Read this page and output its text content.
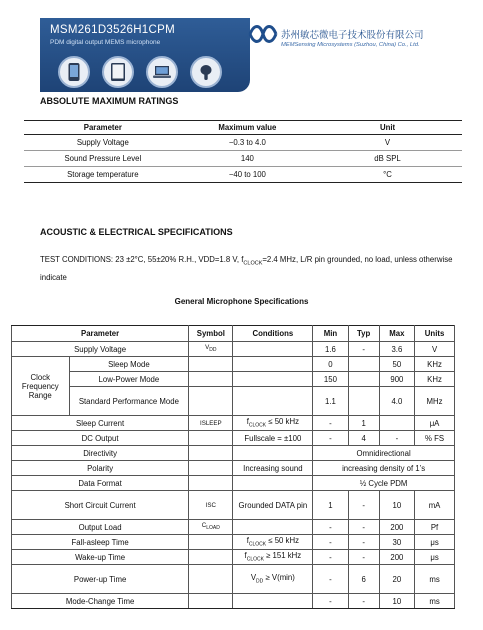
MSM261D3526H1CPM
PDM digital output MEMS microphone
苏州敏芯微电子技术股份有限公司
MEMSensing Microsystems (Suzhou, China) Co., Ltd.
ABSOLUTE MAXIMUM RATINGS
Parameter	Maximum value	Unit
Supply Voltage	−0.3 to 4.0	V
Sound Pressure Level	140	dB SPL
Storage temperature	−40 to 100	°C
ACOUSTIC & ELECTRICAL SPECIFICATIONS
TEST CONDITIONS: 23 ±2°C, 55±20% R.H., VDD=1.8 V, $f_{CLOCK}=2.4$ MHz, L/R pin grounded, no load, unless otherwise indicate
General Microphone Specifications
Parameter		Symbol	Conditions	Min	Typ	Max	Units
Supply Voltage		$V_{DD}$		1.6	-	3.6	V
Clock Frequency Range	Sleep Mode			0		50	KHz
	Low-Power Mode			150		900	KHz
	Standard Performance Mode			1.1		4.0	MHz
Sleep Current		ISLEEP	$f_{CLOCK} \le 50$ kHz	-	1		μA
DC Output			Fullscale = ±100	-	4	-	% FS
Directivity				Omnidirectional			
Polarity			Increasing sound	increasing density of 1’s			
Data Format				½ Cycle PDM			
Short Circuit Current		ISC	Grounded DATA pin	1	-	10	mA
Output Load		$C_{LOAD}$		-	-	200	Pf
Fall-asleep Time			$f_{CLOCK} \le 50$ kHz	-	-	30	μs
Wake-up Time			$f_{CLOCK} \ge 151$ kHz	-	-	200	μs
Power-up Time			$V_{DD} \ge V(\min)$	-	6	20	ms
Mode-Change Time				-	-	10	ms
